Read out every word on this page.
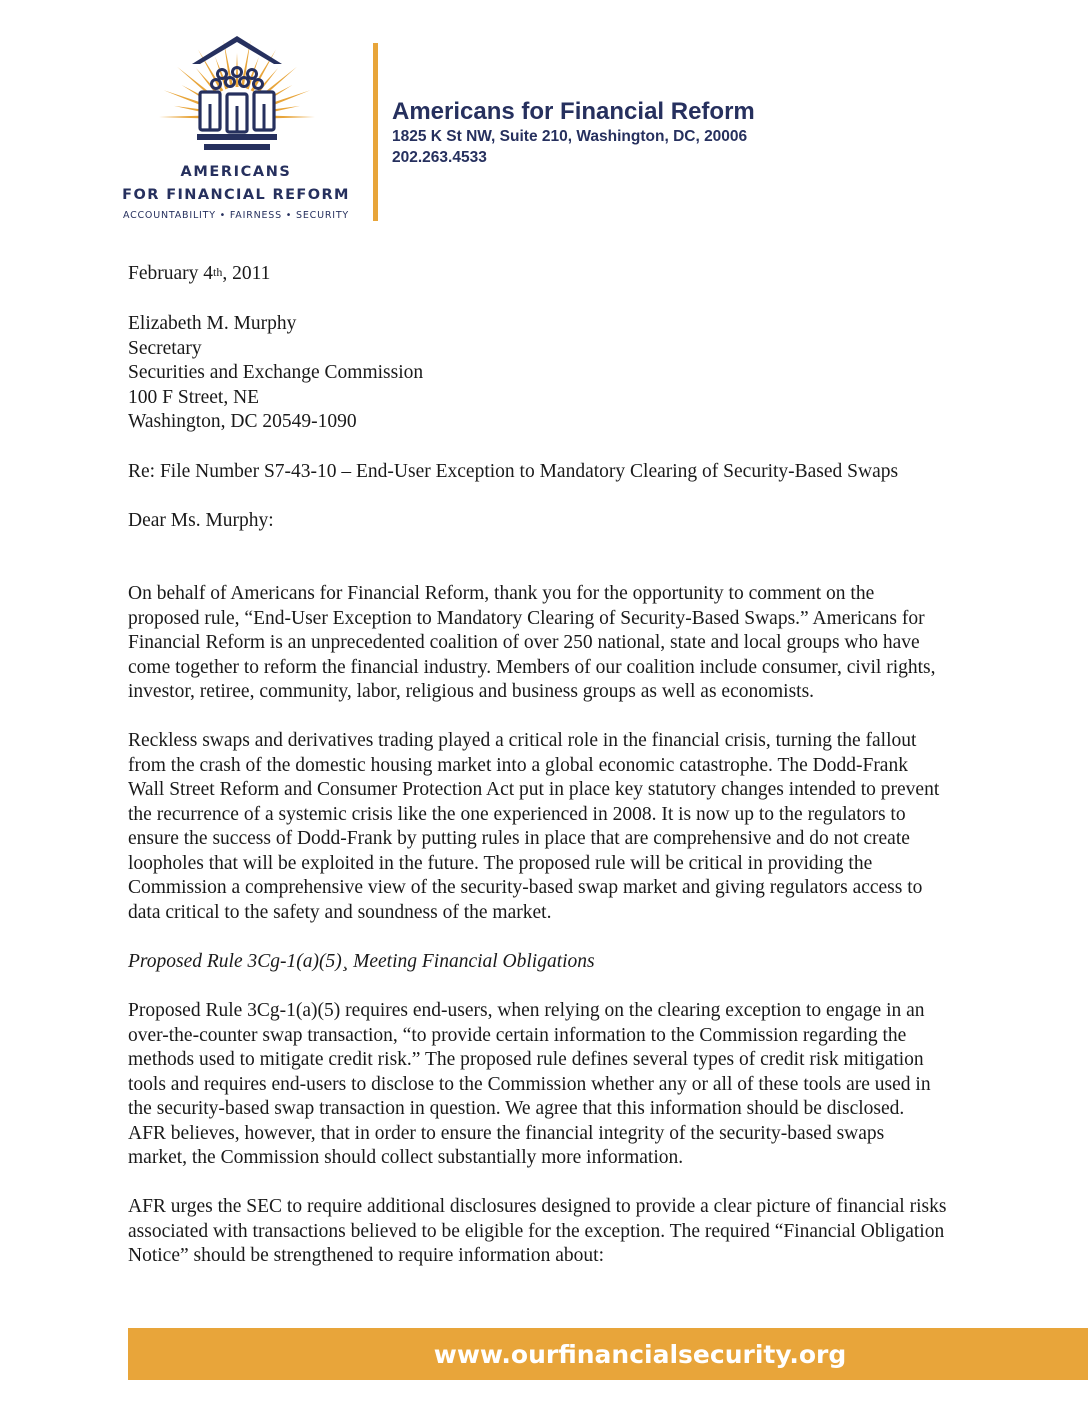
AMERICANS
FOR FINANCIAL REFORM
ACCOUNTABILITY • FAIRNESS • SECURITY
Americans for Financial Reform
1825 K St NW, Suite 210, Washington, DC, 20006
202.263.4533
February 4th, 2011

Elizabeth M. Murphy

Secretary

Securities and Exchange Commission

100 F Street, NE

Washington, DC 20549-1090

Re: File Number S7-43-10 – End-User Exception to Mandatory Clearing of Security-Based Swaps
Dear Ms. Murphy:

On behalf of Americans for Financial Reform, thank you for the opportunity to comment on the

proposed rule, “End-User Exception to Mandatory Clearing of Security-Based Swaps.” Americans for

Financial Reform is an unprecedented coalition of over 250 national, state and local groups who have

come together to reform the financial industry. Members of our coalition include consumer, civil rights,

investor, retiree, community, labor, religious and business groups as well as economists.

Reckless swaps and derivatives trading played a critical role in the financial crisis, turning the fallout

from the crash of the domestic housing market into a global economic catastrophe. The Dodd-Frank

Wall Street Reform and Consumer Protection Act put in place key statutory changes intended to prevent

the recurrence of a systemic crisis like the one experienced in 2008. It is now up to the regulators to

ensure the success of Dodd-Frank by putting rules in place that are comprehensive and do not create

loopholes that will be exploited in the future. The proposed rule will be critical in providing the

Commission a comprehensive view of the security-based swap market and giving regulators access to

data critical to the safety and soundness of the market.

Proposed Rule 3Cg-1(a)(5)¸ Meeting Financial Obligations

Proposed Rule 3Cg-1(a)(5) requires end-users, when relying on the clearing exception to engage in an

over-the-counter swap transaction, “to provide certain information to the Commission regarding the

methods used to mitigate credit risk.” The proposed rule defines several types of credit risk mitigation

tools and requires end-users to disclose to the Commission whether any or all of these tools are used in

the security-based swap transaction in question. We agree that this information should be disclosed.

AFR believes, however, that in order to ensure the financial integrity of the security-based swaps

market, the Commission should collect substantially more information.

AFR urges the SEC to require additional disclosures designed to provide a clear picture of financial risks

associated with transactions believed to be eligible for the exception. The required “Financial Obligation

Notice” should be strengthened to require information about:

www.ourfinancialsecurity.org
